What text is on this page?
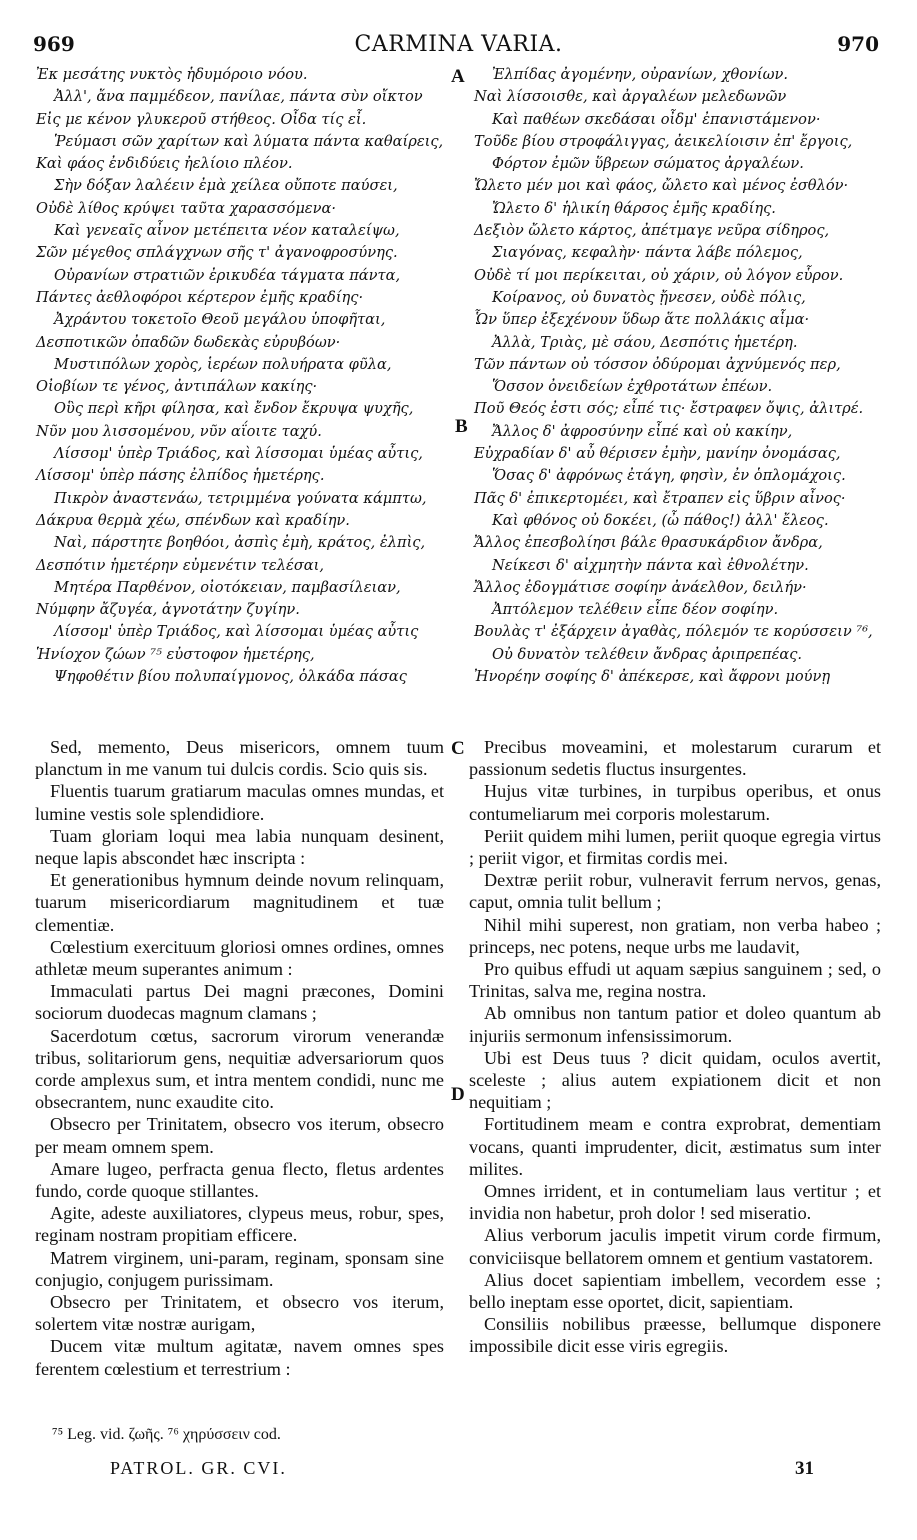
969	CARMINA VARIA.	970
Ἐκ μεσάτης νυκτὸς ἡδυμόροιο νόου.
Ἀλλ', ἄνα παμμέδεον, πανίλαε, πάντα σὺν οἴκτον
Εἰς με κένον γλυκεροῦ στήθεος. Οἶδα τίς εἶ.
Ῥεύμασι σῶν χαρίτων καὶ λύματα πάντα καθαίρεις,
Καὶ φάος ἐνδιδύεις ἠελίοιο πλέον.
Σὴν δόξαν λαλέειν ἐμὰ χείλεα οὔποτε παύσει,
Οὐδὲ λίθος κρύψει ταῦτα χαρασσόμενα·
Καὶ γενεαῖς αἶνον μετέπειτα νέον καταλείψω,
Σῶν μέγεθος σπλάγχνων σῆς τ' ἀγανοφροσύνης.
Οὐρανίων στρατιῶν ἐρικυδέα τάγματα πάντα,
Πάντες ἀεθλοφόροι κέρτερον ἐμῆς κραδίης·
Ἀχράντου τοκετοῖο Θεοῦ μεγάλου ὑποφῆται,
Δεσποτικῶν ὀπαδῶν δωδεκὰς εὐρυβόων·
Μυστιπόλων χορὸς, ἱερέων πολυήρατα φῦλα,
Οἰοβίων τε γένος, ἀντιπάλων κακίης·
Οὓς περὶ κῆρι φίλησα, καὶ ἔνδον ἔκρυψα ψυχῆς,
Νῦν μου λισσομένου, νῦν αΐοιτε ταχύ.
Λίσσομ' ὑπὲρ Τριάδος, καὶ λίσσομαι ὑμέας αὖτις,
Λίσσομ' ὑπὲρ πάσης ἐλπίδος ἡμετέρης.
Πικρὸν ἀναστενάω, τετριμμένα γούνατα κάμπτω,
Δάκρυα θερμὰ χέω, σπένδων καὶ κραδίην.
Ναὶ, πάρστητε βοηθόοι, ἀσπὶς ἐμὴ, κράτος, ἐλπὶς,
Δεσπότιν ἡμετέρην εὐμενέτιν τελέσαι,
Μητέρα Παρθένον, οἰοτόκειαν, παμβασίλειαν,
Νύμφην ἄζυγέα, ἁγνοτάτην ζυγίην.
Λίσσομ' ὑπὲρ Τριάδος, καὶ λίσσομαι ὑμέας αὖτις
Ἡνίοχον ζώων ⁷⁵ εὐστοφον ἡμετέρης,
Ψηφοθέτιν βίου πολυπαίγμονος, ὁλκάδα πάσας
Ἐλπίδας ἀγομένην, οὐρανίων, χθονίων.
Ναὶ λίσσοισθε, καὶ ἀργαλέων μελεδωνῶν
Καὶ παθέων σκεδάσαι οἶδμ' ἐπανιστάμενον·
Τοῦδε βίου στροφάλιγγας, ἀεικελίοισιν ἐπ' ἔργοις,
Φόρτον ἐμῶν ὕβρεων σώματος ἀργαλέων.
Ὤλετο μέν μοι καὶ φάος, ὤλετο καὶ μένος ἐσθλόν·
Ὤλετο δ' ἡλικίη θάρσος ἐμῆς κραδίης.
Δεξιὸν ὤλετο κάρτος, ἀπέτμαγε νεῦρα σίδηρος,
Σιαγόνας, κεφαλὴν· πάντα λάβε πόλεμος,
Οὐδὲ τί μοι περίκειται, οὐ χάριν, οὐ λόγον εὗρον.
Κοίρανος, οὐ δυνατὸς ᾔνεσεν, οὐδὲ πόλις,
Ὧν ὕπερ ἐξεχένουν ὕδωρ ἅτε πολλάκις αἷμα·
Ἀλλὰ, Τριὰς, μὲ σάου, Δεσπότις ἡμετέρη.
Τῶν πάντων οὐ τόσσον ὀδύρομαι ἀχνύμενός περ,
Ὅσσον ὀνειδείων ἐχθροτάτων ἐπέων.
Ποῦ Θεός ἐστι σός; εἶπέ τις· ἔστραφεν ὄψις, ἀλιτρέ.
Ἄλλος δ' ἀφροσύνην εἶπέ καὶ οὐ κακίην,
Εὐχραδίαν δ' αὖ θέρισεν ἐμὴν, μανίην ὀνομάσας,
Ὅσας δ' ἀφρόνως ἐτάγη, φησὶν, ἐν ὁπλομάχοις.
Πᾶς δ' ἐπικερτομέει, καὶ ἔτραπεν εἰς ὕβριν αἶνος·
Καὶ φθόνος οὐ δοκέει, (ὦ πάθος!) ἀλλ' ἔλεος.
Ἄλλος ἐπεσβολίησι βάλε θρασυκάρδιον ἄνδρα,
Νείκεσι δ' αἰχμητὴν πάντα καὶ ἐθνολέτην.
Ἄλλος ἐδογμάτισε σοφίην ἀνάελθον, δειλήν·
Ἀπτόλεμον τελέθειν εἶπε δέον σοφίην.
Βουλὰς τ' ἐξάρχειν ἀγαθὰς, πόλεμόν τε κορύσσειν ⁷⁶,
Οὐ δυνατὸν τελέθειν ἄνδρας ἀριπρεπέας.
Ἠνορέην σοφίης δ' ἀπέκερσε, καὶ ἄφρονι μούνῃ
A
B
C
D

Sed, memento, Deus misericors, omnem tuum planctum in me vanum tui dulcis cordis. Scio quis sis.

Fluentis tuarum gratiarum maculas omnes mundas, et lumine vestis sole splendidiore.

Tuam gloriam loqui mea labia nunquam desinent, neque lapis abscondet hæc inscripta :

Et generationibus hymnum deinde novum relinquam, tuarum misericordiarum magnitudinem et tuæ clementiæ.

Cœlestium exercituum gloriosi omnes ordines, omnes athletæ meum superantes animum :

Immaculati partus Dei magni præcones, Domini sociorum duodecas magnum clamans ;

Sacerdotum cœtus, sacrorum virorum venerandæ tribus, solitariorum gens, nequitiæ adversariorum quos corde amplexus sum, et intra mentem condidi, nunc me obsecrantem, nunc exaudite cito.

Obsecro per Trinitatem, obsecro vos iterum, obsecro per meam omnem spem.

Amare lugeo, perfracta genua flecto, fletus ardentes fundo, corde quoque stillantes.

Agite, adeste auxiliatores, clypeus meus, robur, spes, reginam nostram propitiam efficere.

Matrem virginem, uni-param, reginam, sponsam sine conjugio, conjugem purissimam.

Obsecro per Trinitatem, et obsecro vos iterum, solertem vitæ nostræ aurigam,

Ducem vitæ multum agitatæ, navem omnes spes ferentem cœlestium et terrestrium :

Precibus moveamini, et molestarum curarum et passionum sedetis fluctus insurgentes.

Hujus vitæ turbines, in turpibus operibus, et onus contumeliarum mei corporis molestarum.

Periit quidem mihi lumen, periit quoque egregia virtus ; periit vigor, et firmitas cordis mei.

Dextræ periit robur, vulneravit ferrum nervos, genas, caput, omnia tulit bellum ;

Nihil mihi superest, non gratiam, non verba habeo ; princeps, nec potens, neque urbs me laudavit,

Pro quibus effudi ut aquam sæpius sanguinem ; sed, o Trinitas, salva me, regina nostra.

Ab omnibus non tantum patior et doleo quantum ab injuriis sermonum infensissimorum.

Ubi est Deus tuus ? dicit quidam, oculos avertit, scelestе ; alius autem expiationem dicit et non nequitiam ;

Fortitudinem meam e contra exprobrat, dementiam vocans, quanti imprudenter, dicit, æstimatus sum inter milites.

Omnes irrident, et in contumeliam laus vertitur ; et invidia non habetur, proh dolor ! sed miseratio.

Alius verborum jaculis impetit virum corde firmum, conviciisque bellatorem omnem et gentium vastatorem.

Alius docet sapientiam imbellem, vecordem esse ; bello ineptam esse oportet, dicit, sapientiam.

Consiliis nobilibus præesse, bellumque disponere impossibile dicit esse viris egregiis.

⁷⁵ Leg. vid. ζωῆς. ⁷⁶ χηρύσσειν cod.
PATROL. GR. CVI.	31
